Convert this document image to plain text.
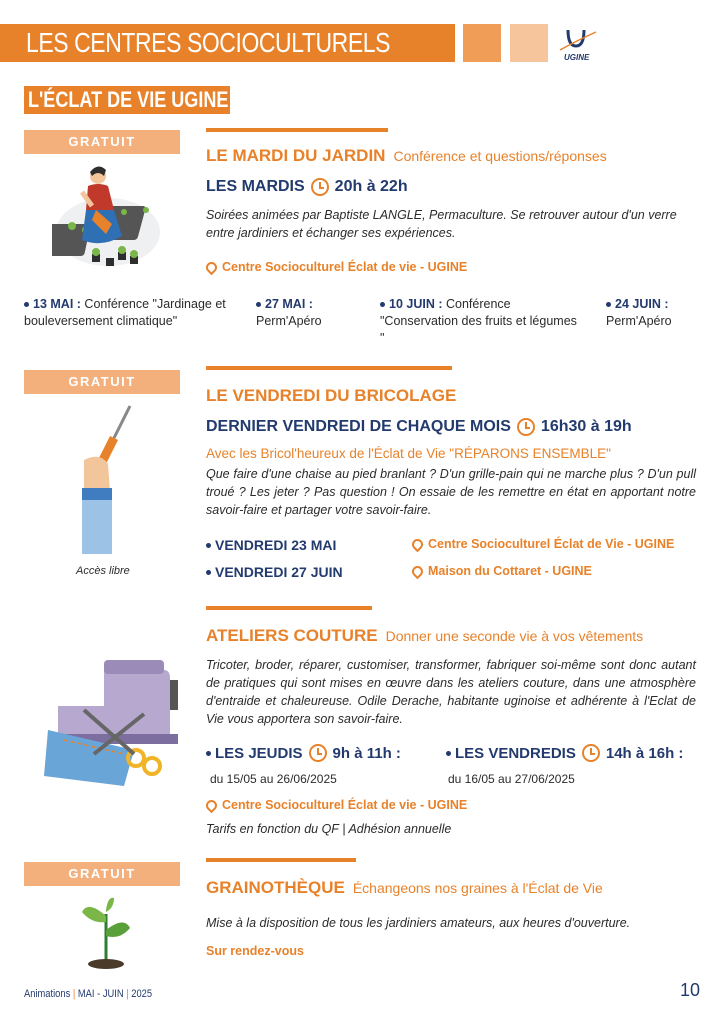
LES CENTRES SOCIOCULTURELS	UGINE
L'ÉCLAT DE VIE UGINE
GRATUIT
LE MARDI DU JARDIN Conférence et questions/réponses
LES MARDIS 20h à 22h
Soirées animées par Baptiste LANGLE, Permaculture. Se retrouver autour d'un verre entre jardiniers et échanger ses expériences.
Centre Socioculturel Éclat de vie - UGINE
13 MAI : Conférence "Jardinage et bouleversement climatique"
27 MAI : Perm'Apéro
10 JUIN : Conférence "Conservation des fruits et légumes "
24 JUIN : Perm'Apéro
GRATUIT
Accès libre
LE VENDREDI DU BRICOLAGE
DERNIER VENDREDI DE CHAQUE MOIS 16h30 à 19h
Avec les Bricol'heureux de l'Éclat de Vie "RÉPARONS ENSEMBLE"
Que faire d'une chaise au pied branlant ? D'un grille-pain qui ne marche plus ? D'un pull troué ? Les jeter ? Pas question ! On essaie de les remettre en état en apportant notre savoir-faire et partager votre savoir-faire.
VENDREDI 23 MAI	Centre Socioculturel Éclat de Vie - UGINE
VENDREDI 27 JUIN	Maison du Cottaret - UGINE
ATELIERS COUTURE Donner une seconde vie à vos vêtements
Tricoter, broder, réparer, customiser, transformer, fabriquer soi-même sont donc autant de pratiques qui sont mises en œuvre dans les ateliers couture, dans une atmosphère d'entraide et chaleureuse. Odile Derache, habitante uginoise et adhérente à l'Eclat de Vie vous apportera son savoir-faire.
LES JEUDIS 9h à 11h :
du 15/05 au 26/06/2025
LES VENDREDIS 14h à 16h :
du 16/05 au 27/06/2025
Centre Socioculturel Éclat de vie - UGINE
Tarifs en fonction du QF | Adhésion annuelle
GRATUIT
GRAINOTHÈQUE Échangeons nos graines à l'Éclat de Vie
Mise à la disposition de tous les jardiniers amateurs, aux heures d'ouverture.
Sur rendez-vous
Animations | MAI - JUIN | 2025	10
